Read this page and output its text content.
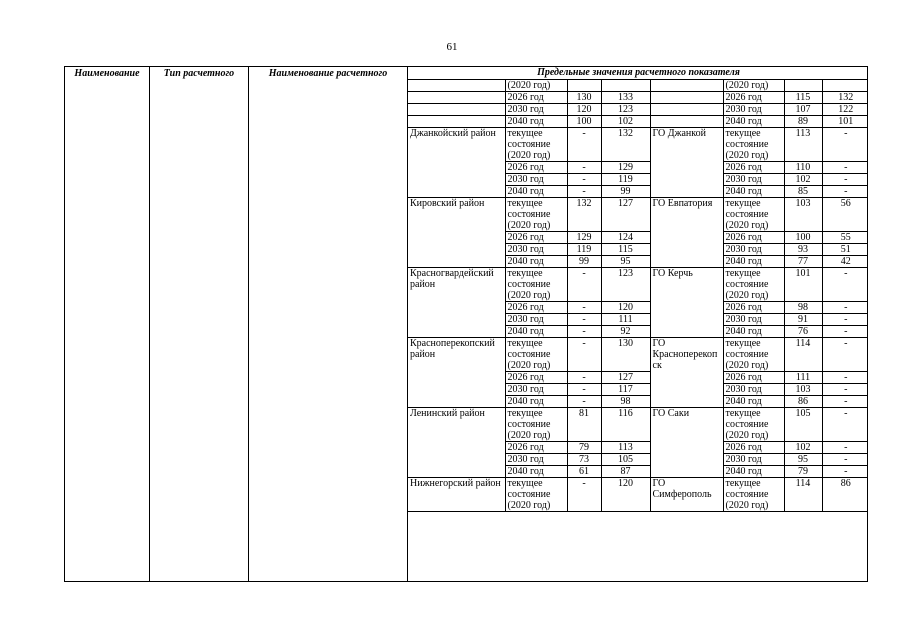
61
Наименование	Тип расчетного	Наименование расчетного	Предельные значения расчетного показателя
	(2020 год)				(2020 год)		
	2026 год	130	133		2026 год	115	132
	2030 год	120	123		2030 год	107	122
	2040 год	100	102		2040 год	89	101
Джанкойский район	текущее состояние (2020 год)	-	132	ГО Джанкой	текущее состояние (2020 год)	113	-
	2026 год	-	129		2026 год	110	-
	2030 год	-	119		2030 год	102	-
	2040 год	-	99		2040 год	85	-
Кировский район	текущее состояние (2020 год)	132	127	ГО Евпатория	текущее состояние (2020 год)	103	56
	2026 год	129	124		2026 год	100	55
	2030 год	119	115		2030 год	93	51
	2040 год	99	95		2040 год	77	42
Красногвардейский район	текущее состояние (2020 год)	-	123	ГО Керчь	текущее состояние (2020 год)	101	-
	2026 год	-	120		2026 год	98	-
	2030 год	-	111		2030 год	91	-
	2040 год	-	92		2040 год	76	-
Красноперекопский район	текущее состояние (2020 год)	-	130	ГО Красноперекоп ск	текущее состояние (2020 год)	114	-
	2026 год	-	127		2026 год	111	-
	2030 год	-	117		2030 год	103	-
	2040 год	-	98		2040 год	86	-
Ленинский район	текущее состояние (2020 год)	81	116	ГО Саки	текущее состояние (2020 год)	105	-
	2026 год	79	113		2026 год	102	-
	2030 год	73	105		2030 год	95	-
	2040 год	61	87		2040 год	79	-
Нижнегорский район	текущее состояние (2020 год)	-	120	ГО Симферополь	текущее состояние (2020 год)	114	86
